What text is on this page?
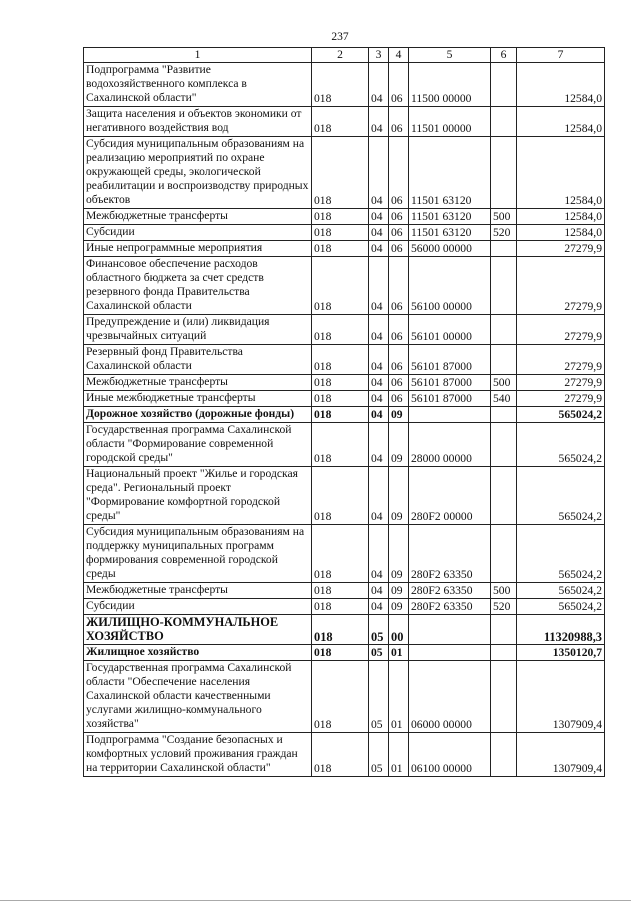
237
1	2	3	4	5	6	7
Подпрограмма "Развитие водохозяйственного комплекса в Сахалинской области"	018	04	06	11500 00000		12584,0
Защита населения и объектов экономики от негативного воздействия вод	018	04	06	11501 00000		12584,0
Субсидия муниципальным образованиям на реализацию мероприятий по охране окружающей среды, экологической реабилитации и воспроизводству природных объектов	018	04	06	11501 63120		12584,0
Межбюджетные трансферты	018	04	06	11501 63120	500	12584,0
Субсидии	018	04	06	11501 63120	520	12584,0
Иные непрограммные мероприятия	018	04	06	56000 00000		27279,9
Финансовое обеспечение расходов областного бюджета за счет средств резервного фонда Правительства Сахалинской области	018	04	06	56100 00000		27279,9
Предупреждение и (или) ликвидация чрезвычайных ситуаций	018	04	06	56101 00000		27279,9
Резервный фонд Правительства Сахалинской области	018	04	06	56101 87000		27279,9
Межбюджетные трансферты	018	04	06	56101 87000	500	27279,9
Иные межбюджетные трансферты	018	04	06	56101 87000	540	27279,9
Дорожное хозяйство (дорожные фонды)	018	04	09			565024,2
Государственная программа Сахалинской области "Формирование современной городской среды"	018	04	09	28000 00000		565024,2
Национальный проект "Жилье и городская среда". Региональный проект "Формирование комфортной городской среды"	018	04	09	280F2 00000		565024,2
Субсидия муниципальным образованиям на поддержку муниципальных программ формирования современной городской среды	018	04	09	280F2 63350		565024,2
Межбюджетные трансферты	018	04	09	280F2 63350	500	565024,2
Субсидии	018	04	09	280F2 63350	520	565024,2
ЖИЛИЩНО-КОММУНАЛЬНОЕ ХОЗЯЙСТВО	018	05	00			11320988,3
Жилищное хозяйство	018	05	01			1350120,7
Государственная программа Сахалинской области "Обеспечение населения Сахалинской области качественными услугами жилищно-коммунального хозяйства"	018	05	01	06000 00000		1307909,4
Подпрограмма "Создание безопасных и комфортных условий проживания граждан на территории Сахалинской области"	018	05	01	06100 00000		1307909,4
